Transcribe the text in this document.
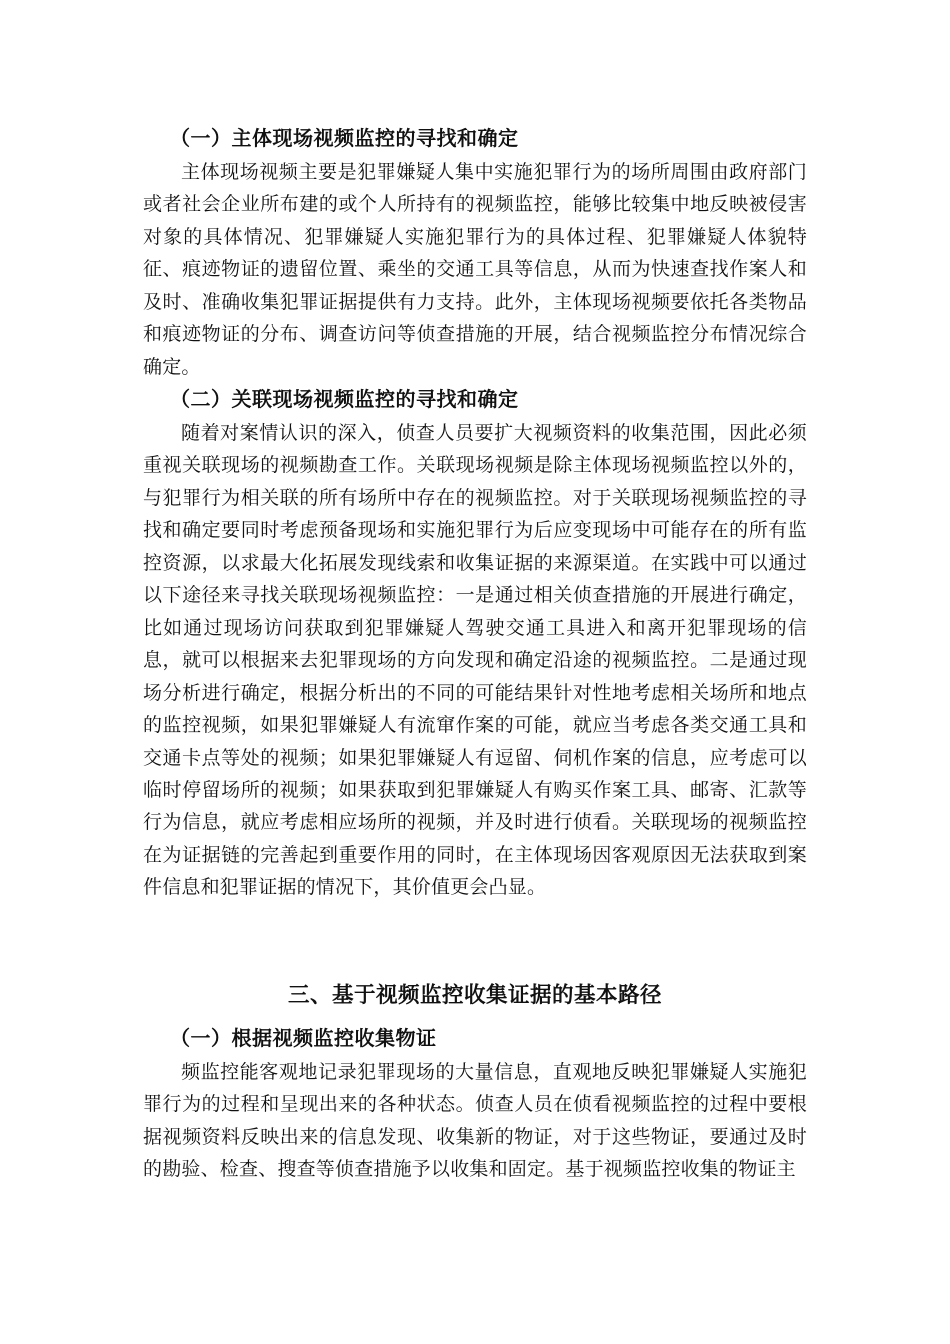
（一）主体现场视频监控的寻找和确定
主体现场视频主要是犯罪嫌疑人集中实施犯罪行为的场所周围由政府部门或者社会企业所布建的或个人所持有的视频监控，能够比较集中地反映被侵害对象的具体情况、犯罪嫌疑人实施犯罪行为的具体过程、犯罪嫌疑人体貌特征、痕迹物证的遗留位置、乘坐的交通工具等信息，从而为快速查找作案人和及时、准确收集犯罪证据提供有力支持。此外，主体现场视频要依托各类物品和痕迹物证的分布、调查访问等侦查措施的开展，结合视频监控分布情况综合确定。
（二）关联现场视频监控的寻找和确定
随着对案情认识的深入，侦查人员要扩大视频资料的收集范围，因此必须重视关联现场的视频勘查工作。关联现场视频是除主体现场视频监控以外的，与犯罪行为相关联的所有场所中存在的视频监控。对于关联现场视频监控的寻找和确定要同时考虑预备现场和实施犯罪行为后应变现场中可能存在的所有监控资源，以求最大化拓展发现线索和收集证据的来源渠道。在实践中可以通过以下途径来寻找关联现场视频监控：一是通过相关侦查措施的开展进行确定，比如通过现场访问获取到犯罪嫌疑人驾驶交通工具进入和离开犯罪现场的信息，就可以根据来去犯罪现场的方向发现和确定沿途的视频监控。二是通过现场分析进行确定，根据分析出的不同的可能结果针对性地考虑相关场所和地点的监控视频，如果犯罪嫌疑人有流窜作案的可能，就应当考虑各类交通工具和交通卡点等处的视频；如果犯罪嫌疑人有逗留、伺机作案的信息，应考虑可以临时停留场所的视频；如果获取到犯罪嫌疑人有购买作案工具、邮寄、汇款等行为信息，就应考虑相应场所的视频，并及时进行侦看。关联现场的视频监控在为证据链的完善起到重要作用的同时，在主体现场因客观原因无法获取到案件信息和犯罪证据的情况下，其价值更会凸显。
三、基于视频监控收集证据的基本路径
（一）根据视频监控收集物证
频监控能客观地记录犯罪现场的大量信息，直观地反映犯罪嫌疑人实施犯罪行为的过程和呈现出来的各种状态。侦查人员在侦看视频监控的过程中要根据视频资料反映出来的信息发现、收集新的物证，对于这些物证，要通过及时的勘验、检查、搜查等侦查措施予以收集和固定。基于视频监控收集的物证主
